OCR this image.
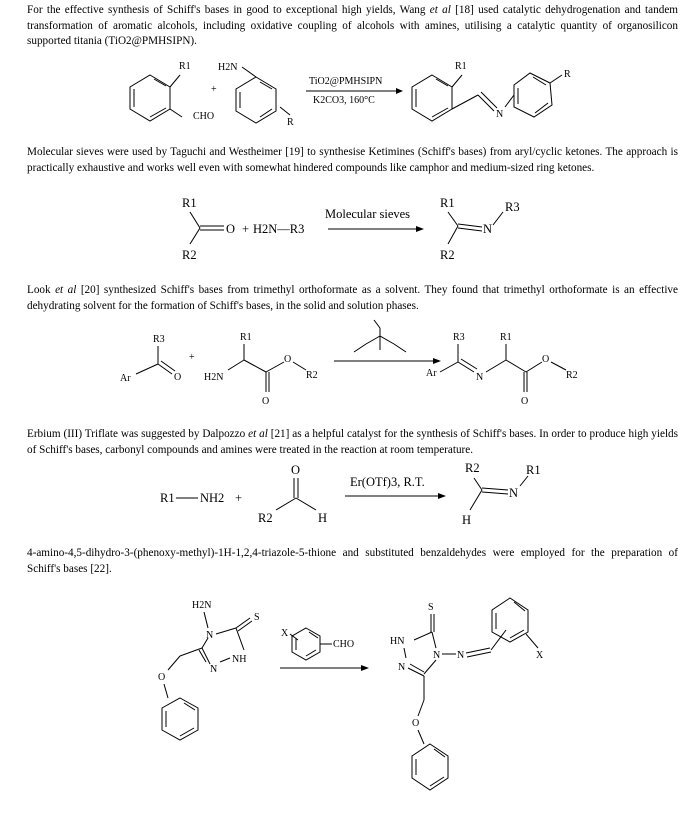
For the effective synthesis of Schiff's bases in good to exceptional high yields, Wang et al [18] used catalytic dehydrogenation and tandem transformation of aromatic alcohols, including oxidative coupling of alcohols with amines, utilising a catalytic quantity of organosilicon supported titania (TiO2@PMHSIPN).

R1
CHO
+
H2N
R
TiO2@PMHSIPN
K2CO3, 160°C
R1
N
R

Molecular sieves were used by Taguchi and Westheimer [19] to synthesise Ketimines (Schiff's bases) from aryl/cyclic ketones. The approach is practically exhaustive and works well even with somewhat hindered compounds like camphor and medium-sized ring ketones.

R1
R2
O + H2N—R3
Molecular sieves
R1
R2
N
R3

Look et al [20] synthesized Schiff's bases from trimethyl orthoformate as a solvent. They found that trimethyl orthoformate is an effective dehydrating solvent for the formation of Schiff's bases, in the solid and solution phases.

R3
Ar	O
+
R1
H2N
O
O
R2
R3
Ar	N
R1
O
O
R2

Erbium (III) Triflate was suggested by Dalpozzo et al [21] as a helpful catalyst for the synthesis of Schiff's bases. In order to produce high yields of Schiff's bases, carbonyl compounds and amines were treated in the reaction at room temperature.

R1 NH2 +
O
R2	H
Er(OTf)3, R.T.
R2
H
N
R1

4-amino-4,5-dihydro-3-(phenoxy-methyl)-1H-1,2,4-triazole-5-thione and substituted benzaldehydes were employed for the preparation of Schiff's bases [22].

H2N
N
S
NH
N
O
X
CHO
S
HN
N
N N	X
O
